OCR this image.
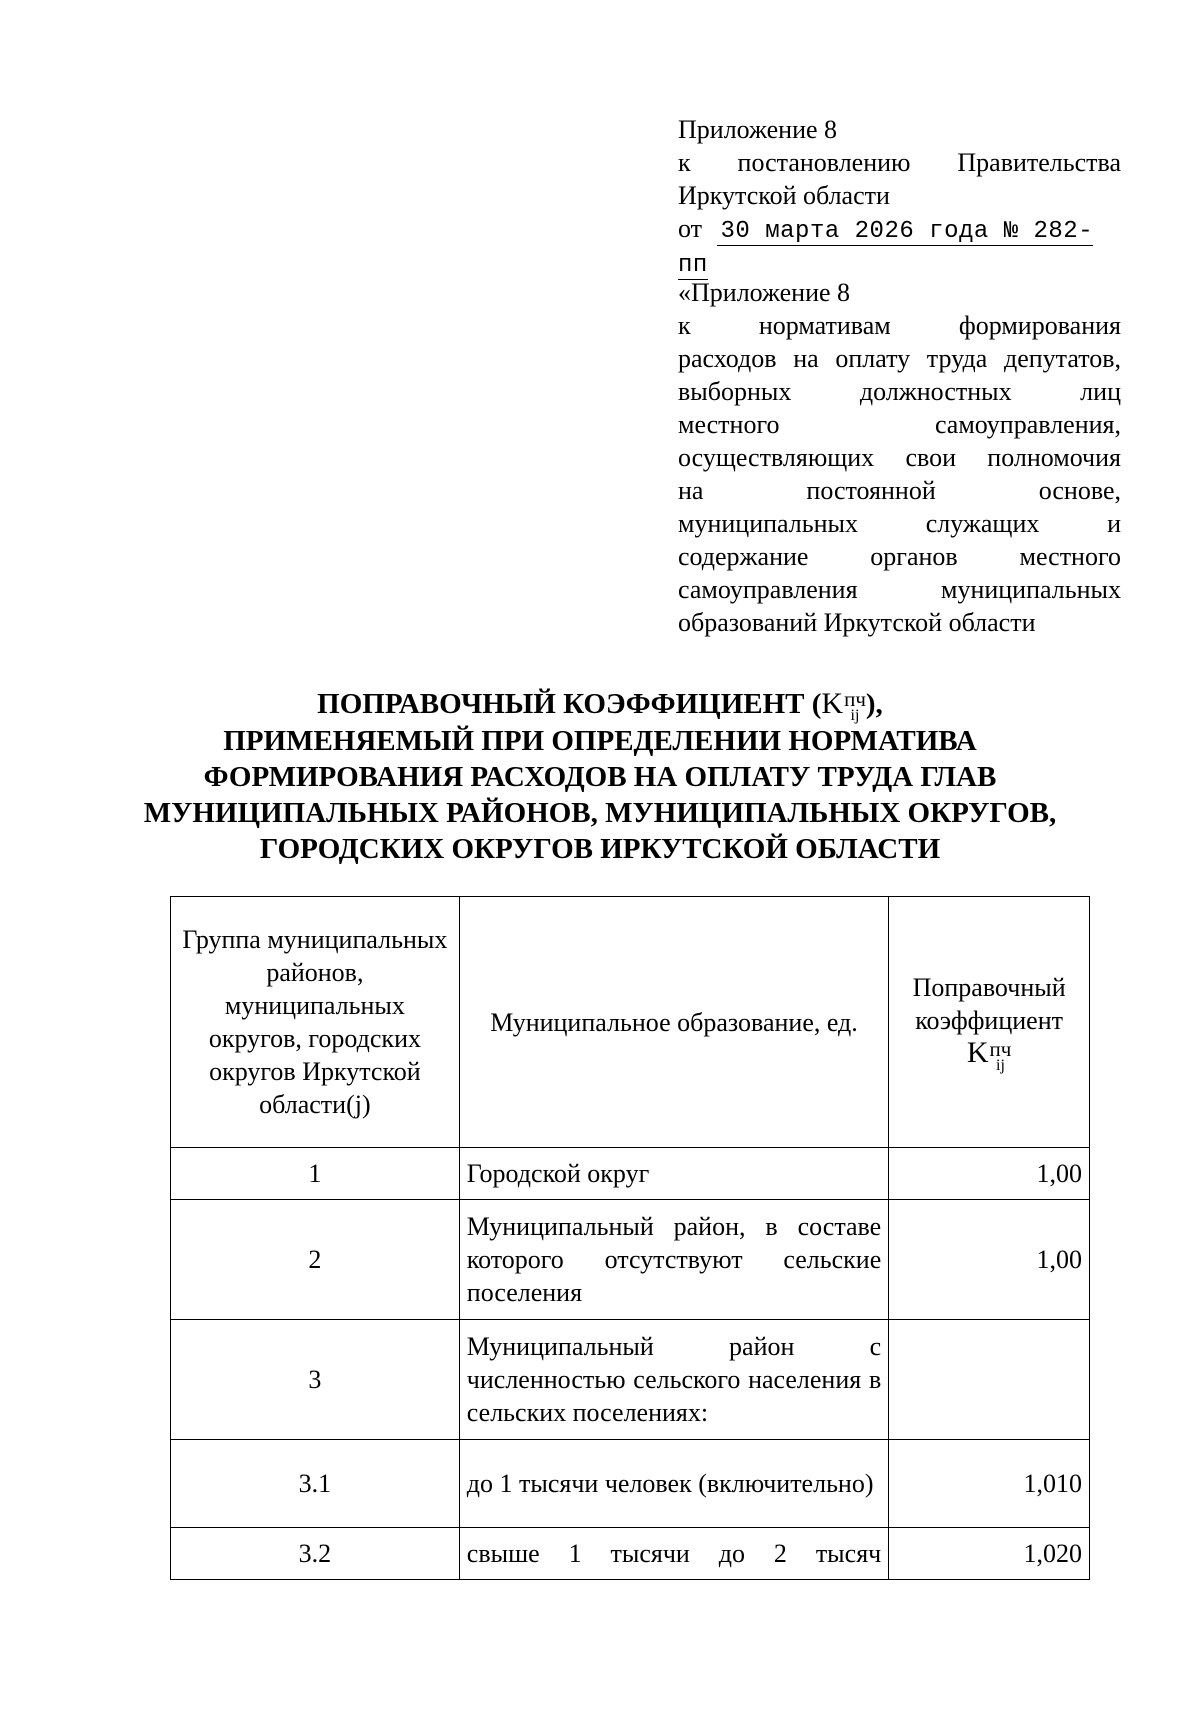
Приложение 8
к постановлению Правительства
Иркутской области
от 30 марта 2026 года № 282-пп
«Приложение 8
к нормативам формирования
расходов на оплату труда депутатов,
выборных должностных лиц
местного самоуправления,
осуществляющих свои полномочия
на постоянной основе,
муниципальных служащих и
содержание органов местного
самоуправления муниципальных
образований Иркутской области
ПОПРАВОЧНЫЙ КОЭФФИЦИЕНТ (K пч
ij ),
ПРИМЕНЯЕМЫЙ ПРИ ОПРЕДЕЛЕНИИ НОРМАТИВА
ФОРМИРОВАНИЯ РАСХОДОВ НА ОПЛАТУ ТРУДА ГЛАВ
МУНИЦИПАЛЬНЫХ РАЙОНОВ, МУНИЦИПАЛЬНЫХ ОКРУГОВ,
ГОРОДСКИХ ОКРУГОВ ИРКУТСКОЙ ОБЛАСТИ
Группа муниципальных районов, муниципальных округов, городских округов Иркутской области(j)	Муниципальное образование, ед.	Поправочный коэффициент
K пч
ij

1	Городской округ	1,00
2	Муниципальный район, в составе которого отсутствуют сельские поселения	1,00
3	Муниципальный район с численностью сельского населения в сельских поселениях:	
3.1	до 1 тысячи человек (включительно)	1,010
3.2	свыше 1 тысячи до 2 тысяч	1,020
